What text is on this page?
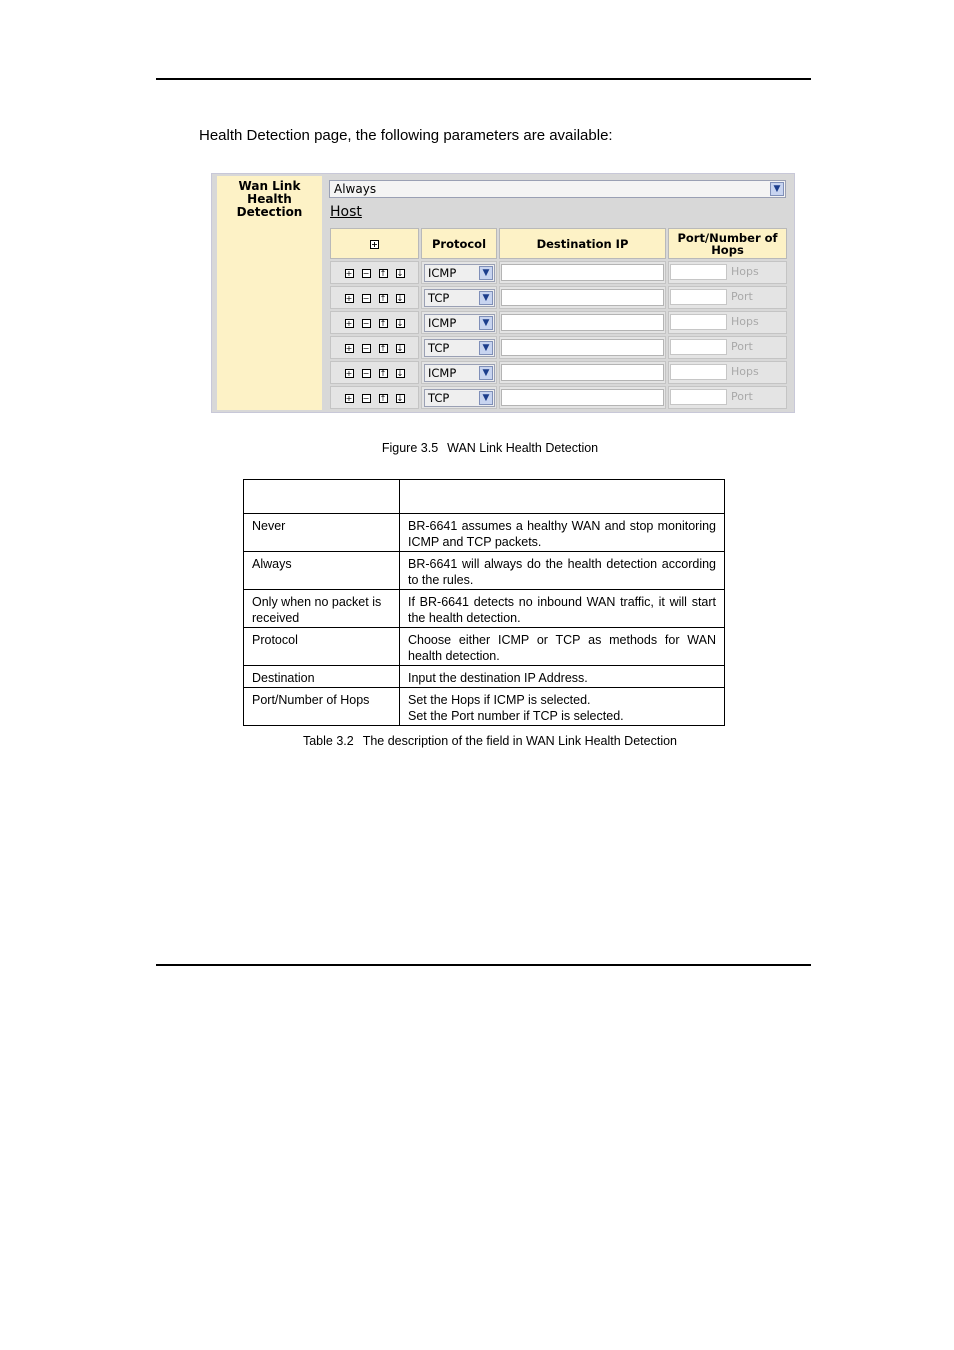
Health Detection page, the following parameters are available:
Wan Link Health Detection
Always	▼
Host
+	Protocol	Destination IP	Port/Number of Hops
+ − ↑ ↓	ICMP ▼		Hops

+ − ↑ ↓	TCP ▼		Port

+ − ↑ ↓	ICMP ▼		Hops

+ − ↑ ↓	TCP ▼		Port

+ − ↑ ↓	ICMP ▼		Hops

+ − ↑ ↓	TCP ▼		Port
Figure 3.5 WAN Link Health Detection

Never	BR-6641 assumes a healthy WAN and stop monitoring ICMP and TCP packets.
Always	BR-6641 will always do the health detection according to the rules.
Only when no packet is received	If BR-6641 detects no inbound WAN traffic, it will start the health detection.
Protocol	Choose either ICMP or TCP as methods for WAN health detection.
Destination	Input the destination IP Address.
Port/Number of Hops	Set the Hops if ICMP is selected.
Set the Port number if TCP is selected.
Table 3.2 The description of the field in WAN Link Health Detection
